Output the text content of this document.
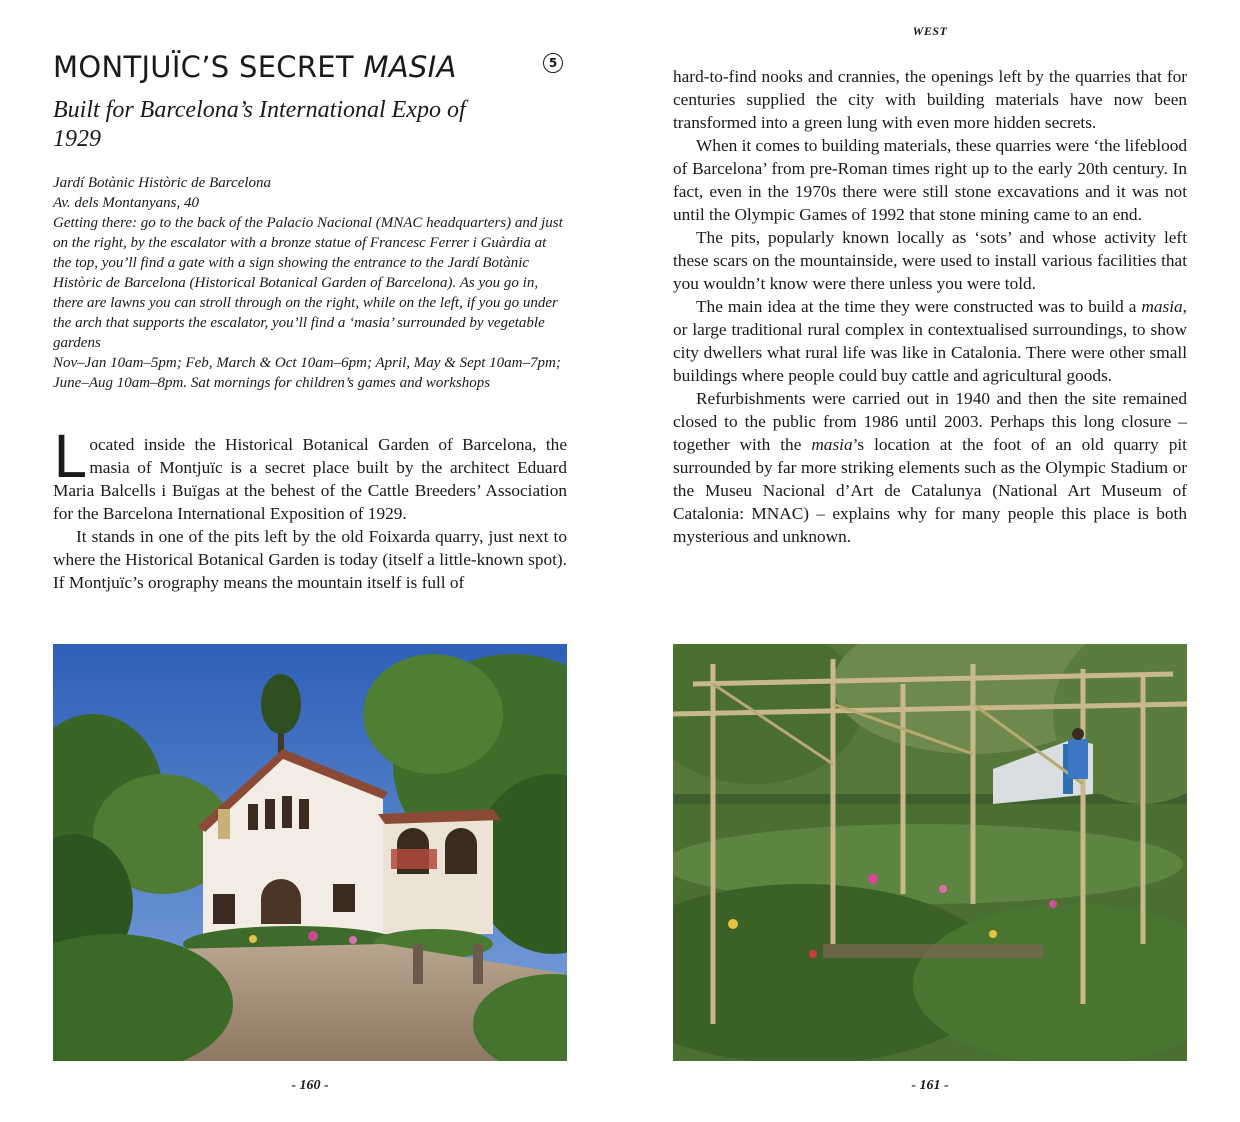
MONTJUÏC’S SECRET MASIA	5
Built for Barcelona’s International Expo of 1929
Jardí Botànic Històric de Barcelona
Av. dels Montanyans, 40
Getting there: go to the back of the Palacio Nacional (MNAC headquarters) and just on the right, by the escalator with a bronze statue of Francesc Ferrer i Guàrdia at the top, you’ll find a gate with a sign showing the entrance to the Jardí Botànic Històric de Barcelona (Historical Botanical Garden of Barcelona). As you go in, there are lawns you can stroll through on the right, while on the left, if you go under the arch that supports the escalator, you’ll find a ‘masia’ surrounded by vegetable gardens
Nov–Jan 10am–5pm; Feb, March & Oct 10am–6pm; April, May & Sept 10am–7pm; June–Aug 10am–8pm. Sat mornings for children’s games and workshops

Located inside the Historical Botanical Garden of Barcelona, the masia of Montjuïc is a secret place built by the architect Eduard Maria Balcells i Buïgas at the behest of the Cattle Breeders’ Association for the Barcelona International Exposition of 1929.

It stands in one of the pits left by the old Foixarda quarry, just next to where the Historical Botanical Garden is today (itself a little-known spot). If Montjuïc’s orography means the mountain itself is full of

- 160 -
WEST

hard-to-find nooks and crannies, the openings left by the quarries that for centuries supplied the city with building materials have now been transformed into a green lung with even more hidden secrets.

When it comes to building materials, these quarries were ‘the lifeblood of Barcelona’ from pre-Roman times right up to the early 20th century. In fact, even in the 1970s there were still stone excavations and it was not until the Olympic Games of 1992 that stone mining came to an end.

The pits, popularly known locally as ‘sots’ and whose activity left these scars on the mountainside, were used to install various facilities that you wouldn’t know were there unless you were told.

The main idea at the time they were constructed was to build a masia, or large traditional rural complex in contextualised surroundings, to show city dwellers what rural life was like in Catalonia. There were other small buildings where people could buy cattle and agricultural goods.

Refurbishments were carried out in 1940 and then the site remained closed to the public from 1986 until 2003. Perhaps this long closure – together with the masia’s location at the foot of an old quarry pit surrounded by far more striking elements such as the Olympic Stadium or the Museu Nacional d’Art de Catalunya (National Art Museum of Catalonia: MNAC) – explains why for many people this place is both mysterious and unknown.

- 161 -
